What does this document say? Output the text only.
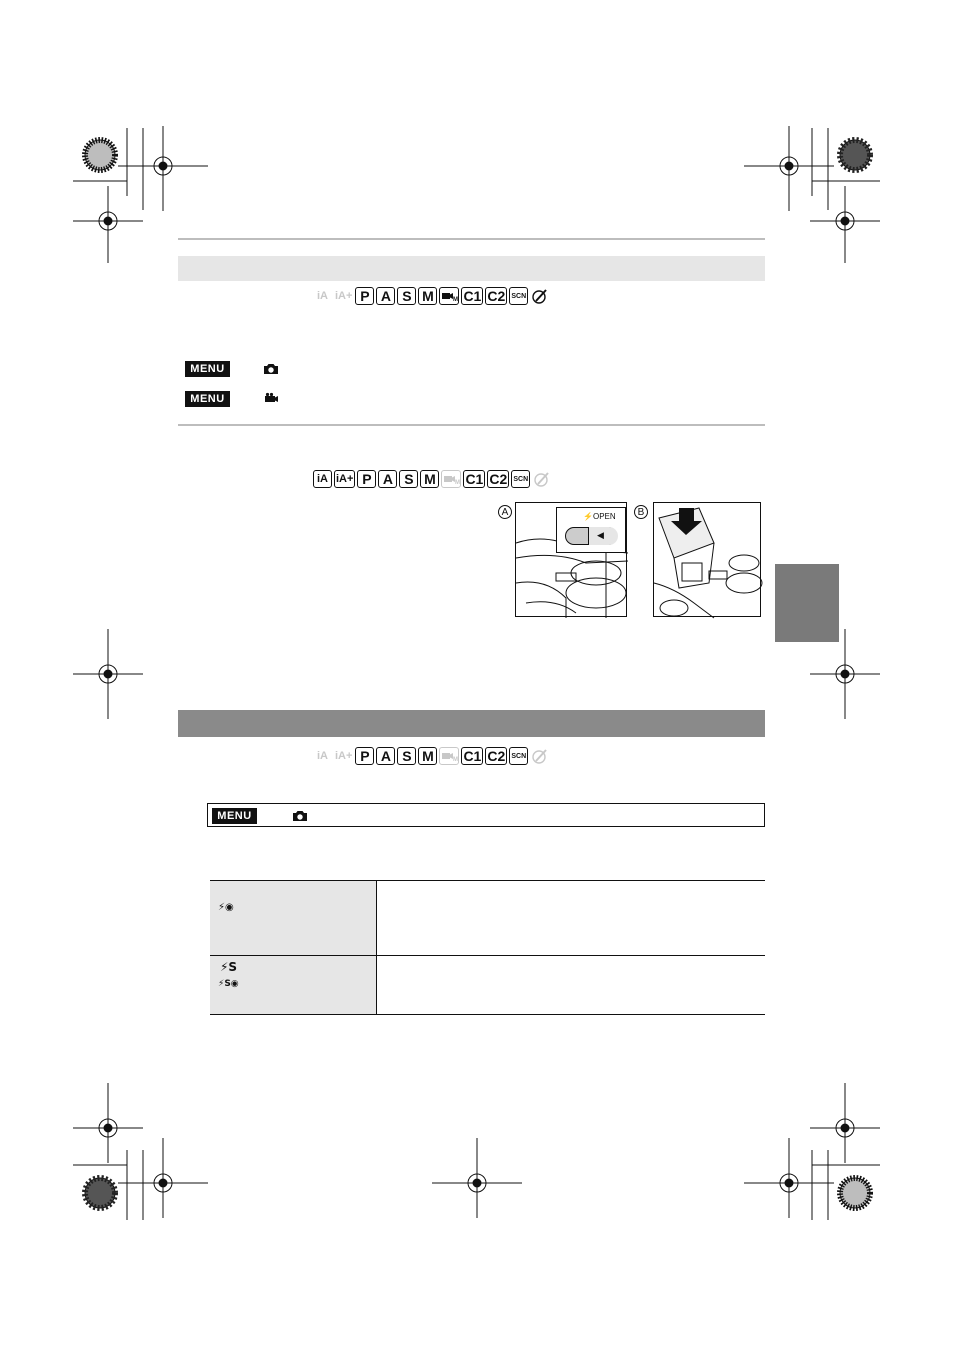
iA iA+ P A S M	M C1 C2 SCN
iA iA+ P A S M	M C1 C2 SCN
iA iA+ P A S M	M C1 C2 SCN
MENU
MENU
A	⚡OPEN
◀
B
MENU
⚡◉
⚡S
⚡S◉
